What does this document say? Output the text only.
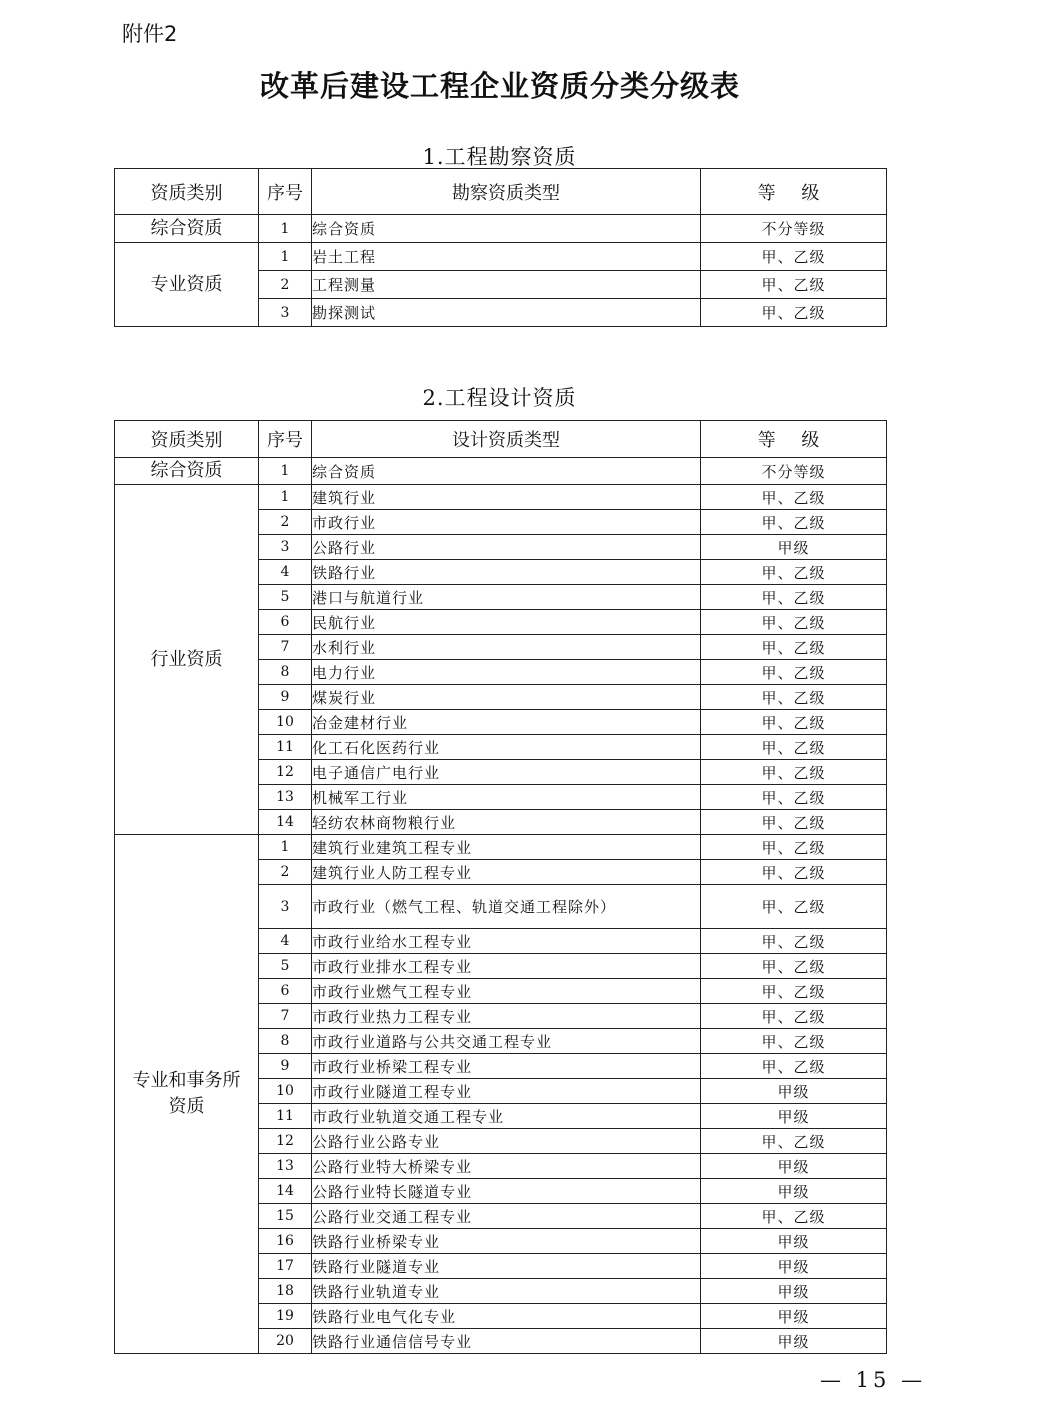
附件2
改革后建设工程企业资质分类分级表
1.工程勘察资质
资质类别	序号	勘察资质类型	等 级
综合资质	1	综合资质	不分等级
专业资质	1	岩土工程	甲、乙级
	2	工程测量	甲、乙级
	3	勘探测试	甲、乙级
2.工程设计资质
资质类别	序号	设计资质类型	等 级
综合资质	1	综合资质	不分等级
行业资质	1	建筑行业	甲、乙级
	2	市政行业	甲、乙级
	3	公路行业	甲级
	4	铁路行业	甲、乙级
	5	港口与航道行业	甲、乙级
	6	民航行业	甲、乙级
	7	水利行业	甲、乙级
	8	电力行业	甲、乙级
	9	煤炭行业	甲、乙级
	10	冶金建材行业	甲、乙级
	11	化工石化医药行业	甲、乙级
	12	电子通信广电行业	甲、乙级
	13	机械军工行业	甲、乙级
	14	轻纺农林商物粮行业	甲、乙级
专业和事务所
资质	1	建筑行业建筑工程专业	甲、乙级
	2	建筑行业人防工程专业	甲、乙级
	3	市政行业（燃气工程、轨道交通工程除外）	甲、乙级
	4	市政行业给水工程专业	甲、乙级
	5	市政行业排水工程专业	甲、乙级
	6	市政行业燃气工程专业	甲、乙级
	7	市政行业热力工程专业	甲、乙级
	8	市政行业道路与公共交通工程专业	甲、乙级
	9	市政行业桥梁工程专业	甲、乙级
	10	市政行业隧道工程专业	甲级
	11	市政行业轨道交通工程专业	甲级
	12	公路行业公路专业	甲、乙级
	13	公路行业特大桥梁专业	甲级
	14	公路行业特长隧道专业	甲级
	15	公路行业交通工程专业	甲、乙级
	16	铁路行业桥梁专业	甲级
	17	铁路行业隧道专业	甲级
	18	铁路行业轨道专业	甲级
	19	铁路行业电气化专业	甲级
	20	铁路行业通信信号专业	甲级
— 15 —
